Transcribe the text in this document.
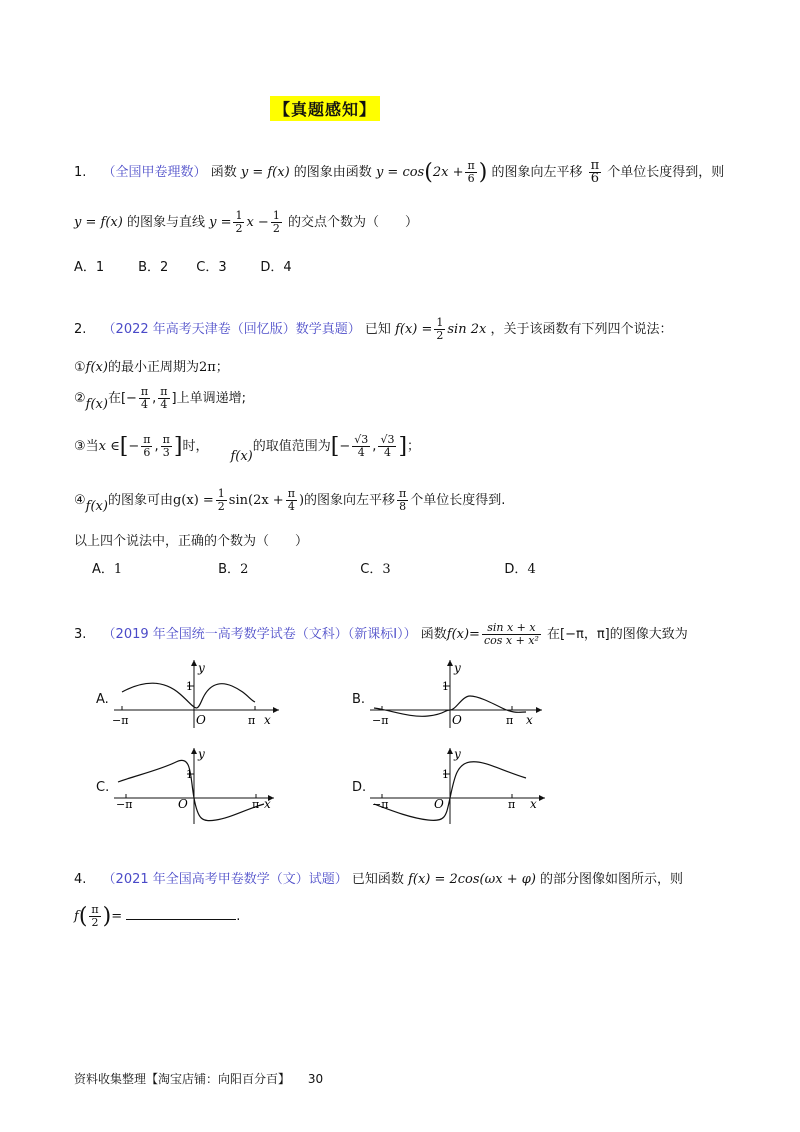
【真题感知】
1. （全国甲卷理数） 函数 y = f(x) 的图象由函数 $y = \cos(2x + \frac{\pi}{6}$ ) 的图象向左平移 $\frac{\pi}{6}$ 个单位长度得到，则
y = f(x) 的图象与直线 $y = \frac{1}{2}$ $x - \frac{1}{2}$ 的交点个数为（　　）
A．1	B．2 C．3	D．4
2. （2022 年高考天津卷（回忆版）数学真题） 已知 $f(x) = \frac{1}{2}$ sin 2x ，关于该函数有下列四个说法：
①f(x)的最小正周期为2π；
②f(x)在[− $\frac{\pi}{4}$ , $\frac{\pi}{4}$ ]上单调递增;
③当x ∈[− $\frac{\pi}{6}$ , $\frac{\pi}{3}$ ]时，f(x)的取值范围为[− $\frac{√3}{4}$ , $\frac{√3}{4}$ ]；
④f(x)的图象可由$g(x) = \frac{1}{2} \sin(2x + \frac{\pi}{4}$ )的图象向左平移 $\frac{\pi}{8}$ 个单位长度得到.
以上四个说法中，正确的个数为（　　）
A．1	B．2	C．3	D．4
3. （2019 年全国统一高考数学试卷（文科）（新课标Ⅰ）） 函数$f(x)= \frac{\text{sin x + x}}{\text{cos x + x²}}$ 在[−π，π]的图像大致为
A.
y
1
−π	O	π x
B.
y
1
−π	O	π x
C.
y
1
−π	O	π x
D.
y
1
−π	O	π x
4. （2021 年全国高考甲卷数学（文）试题） 已知函数 f(x) = 2cos(ωx + φ) 的部分图像如图所示，则
$f( \frac{\pi}{2}$ )=	.
资料收集整理【淘宝店铺：向阳百分百】 30
